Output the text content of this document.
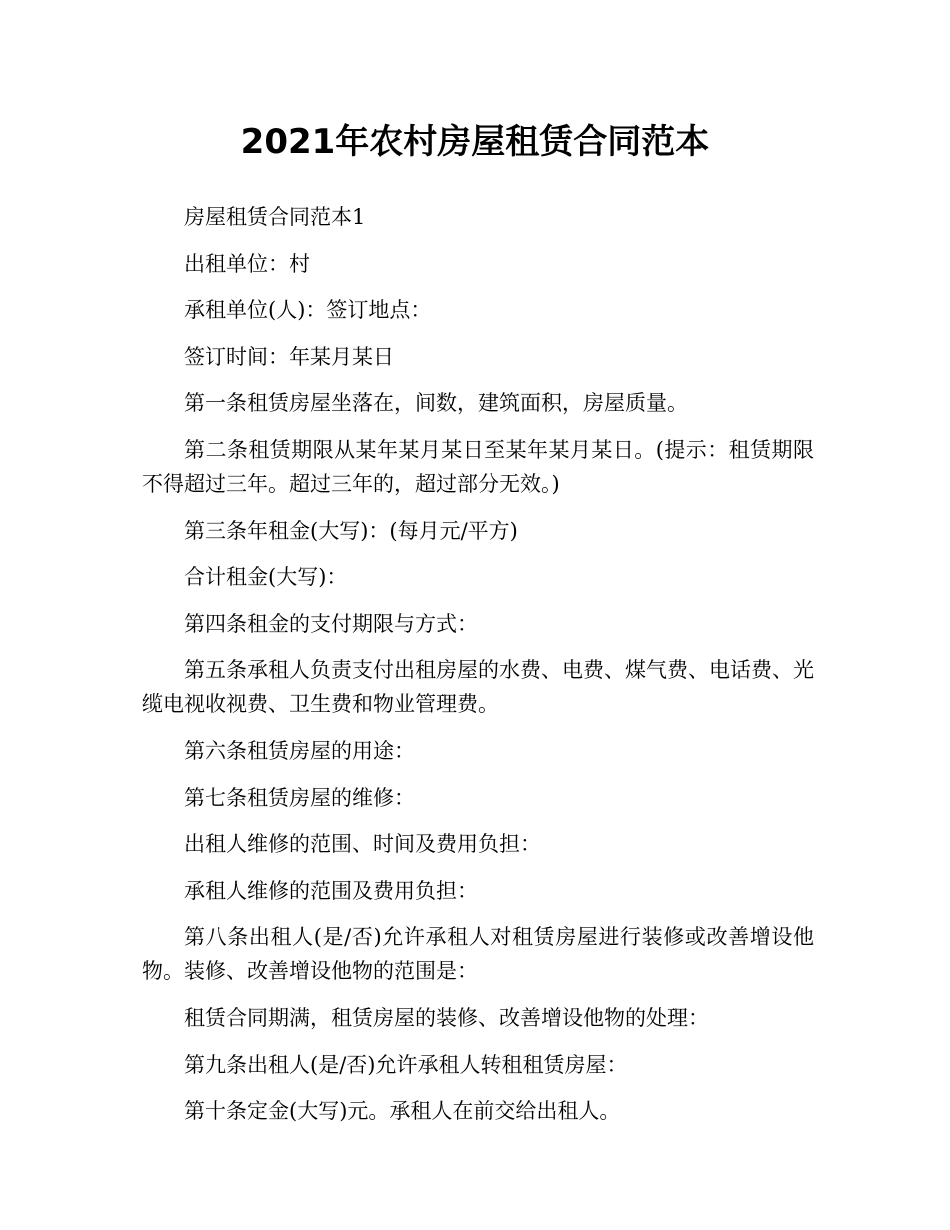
2021年农村房屋租赁合同范本

房屋租赁合同范本1

出租单位：村

承租单位(人)：签订地点：

签订时间：年某月某日

第一条租赁房屋坐落在，间数，建筑面积，房屋质量。

第二条租赁期限从某年某月某日至某年某月某日。(提示：租赁期限不得超过三年。超过三年的，超过部分无效。)

第三条年租金(大写)：(每月元/平方)

合计租金(大写)：

第四条租金的支付期限与方式：

第五条承租人负责支付出租房屋的水费、电费、煤气费、电话费、光缆电视收视费、卫生费和物业管理费。

第六条租赁房屋的用途：

第七条租赁房屋的维修：

出租人维修的范围、时间及费用负担：

承租人维修的范围及费用负担：

第八条出租人(是/否)允许承租人对租赁房屋进行装修或改善增设他物。装修、改善增设他物的范围是：

租赁合同期满，租赁房屋的装修、改善增设他物的处理：

第九条出租人(是/否)允许承租人转租租赁房屋：

第十条定金(大写)元。承租人在前交给出租人。
